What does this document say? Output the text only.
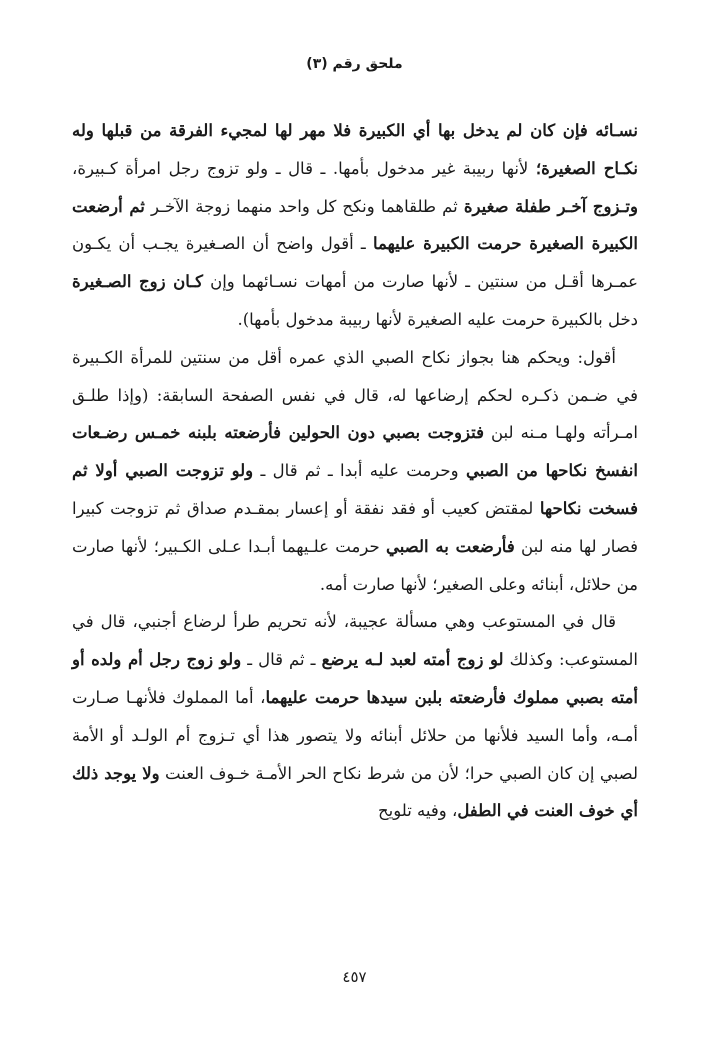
ملحق رقم (٣)

نسـائه فإن كان لم يدخل بها أي الكبيرة فلا مهر لها لمجيء الفرقة من قبلها وله نكـاح الصغيرة؛ لأنها ربيبة غير مدخول بأمها. ـ قال ـ ولو تزوج رجل امرأة كـبيرة، وتـزوج آخـر طفلة صغيرة ثم طلقاهما ونكح كل واحد منهما زوجة الآخـر ثم أرضعت الكبيرة الصغيرة حرمت الكبيرة عليهما ـ أقول واضح أن الصـغيرة يجـب أن يكـون عمـرها أقـل من سنتين ـ لأنها صارت من أمهات نسـائهما وإن كـان زوج الصـغيرة دخل بالكبيرة حرمت عليه الصغيرة لأنها ربيبة مدخول بأمها).

أقول: ويحكم هنا بجواز نكاح الصبي الذي عمره أقل من سنتين للمرأة الكـبيرة في ضـمن ذكـره لحكم إرضاعها له، قال في نفس الصفحة السابقة: (وإذا طلـق امـرأته ولهـا مـنه لبن فتزوجت بصبي دون الحولين فأرضعته بلبنه خمـس رضـعات انفسخ نكاحها من الصبي وحرمت عليه أبدا ـ ثم قال ـ ولو تزوجت الصبي أولا ثم فسخت نكاحها لمقتض كعيب أو فقد نفقة أو إعسار بمقـدم صداق ثم تزوجت كبيرا فصار لها منه لبن فأرضعت به الصبي حرمت علـيهما أبـدا عـلى الكـبير؛ لأنها صارت من حلائل، أبنائه وعلى الصغير؛ لأنها صارت أمه.

قال في المستوعب وهي مسألة عجيبة، لأنه تحريم طرأ لرضاع أجنبي، قال في المستوعب: وكذلك لو زوج أمته لعبد لـه يرضع ـ ثم قال ـ ولو زوج رجل أم ولده أو أمته بصبي مملوك فأرضعته بلبن سيدها حرمت عليهما، أما المملوك فلأنهـا صـارت أمـه، وأما السيد فلأنها من حلائل أبنائه ولا يتصور هذا أي تـزوج أم الولـد أو الأمة لصبي إن كان الصبي حرا؛ لأن من شرط نكاح الحر الأمـة خـوف العنت ولا يوجد ذلك أي خوف العنت في الطفل، وفيه تلويح

٤٥٧
